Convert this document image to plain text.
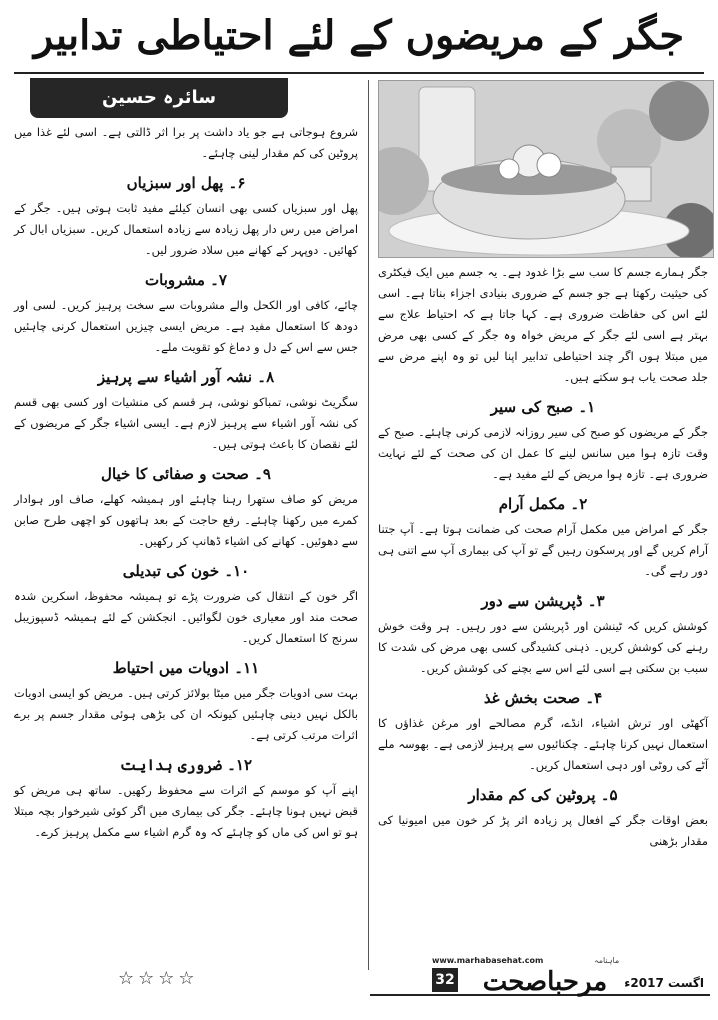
جگر کے مریضوں کے لئے احتیاطی تدابیر
سائرہ حسین

شروع ہوجاتی ہے جو یاد داشت پر برا اثر ڈالتی ہے۔ اسی لئے غذا میں پروٹین کی کم مقدار لینی چاہئے۔

۶۔ پھل اور سبزیاں

پھل اور سبزیاں کسی بھی انسان کیلئے مفید ثابت ہوتی ہیں۔ جگر کے امراض میں رس دار پھل زیادہ سے زیادہ استعمال کریں۔ سبزیاں ابال کر کھائیں۔ دوپہر کے کھانے میں سلاد ضرور لیں۔

۷۔ مشروبات

چائے، کافی اور الکحل والے مشروبات سے سخت پرہیز کریں۔ لسی اور دودھ کا استعمال مفید ہے۔ مریض ایسی چیزیں استعمال کرنی چاہئیں جس سے اس کے دل و دماغ کو تقویت ملے۔

۸۔ نشہ آور اشیاء سے پرہیز

سگریٹ نوشی، تمباکو نوشی، ہر قسم کی منشیات اور کسی بھی قسم کی نشہ آور اشیاء سے پرہیز لازم ہے۔ ایسی اشیاء جگر کے مریضوں کے لئے نقصان کا باعث ہوتی ہیں۔

۹۔ صحت و صفائی کا خیال

مریض کو صاف ستھرا رہنا چاہئے اور ہمیشہ کھلے، صاف اور ہوادار کمرے میں رکھنا چاہئے۔ رفع حاجت کے بعد ہاتھوں کو اچھی طرح صابن سے دھوئیں۔ کھانے کی اشیاء ڈھانپ کر رکھیں۔

۱۰۔ خون کی تبدیلی

اگر خون کے انتقال کی ضرورت پڑے تو ہمیشہ محفوظ، اسکرین شدہ صحت مند اور معیاری خون لگوائیں۔ انجکشن کے لئے ہمیشہ ڈسپوزیبل سرنج کا استعمال کریں۔

۱۱۔ ادویات میں احتیاط

بہت سی ادویات جگر میں میٹا بولائز کرتی ہیں۔ مریض کو ایسی ادویات بالکل نہیں دینی چاہئیں کیونکہ ان کی بڑھی ہوئی مقدار جسم پر برے اثرات مرتب کرتی ہے۔

۱۲۔ ضروری ہدایت

اپنے آپ کو موسم کے اثرات سے محفوظ رکھیں۔ ساتھ ہی مریض کو قبض نہیں ہونا چاہئے۔ جگر کی بیماری میں اگر کوئی شیرخوار بچہ مبتلا ہو تو اس کی ماں کو چاہئے کہ وہ گرم اشیاء سے مکمل پرہیز کرے۔

☆☆☆☆

جگر ہمارے جسم کا سب سے بڑا غدود ہے۔ یہ جسم میں ایک فیکٹری کی حیثیت رکھتا ہے جو جسم کے ضروری بنیادی اجزاء بناتا ہے۔ اسی لئے اس کی حفاظت ضروری ہے۔ کہا جاتا ہے کہ احتیاط علاج سے بہتر ہے اسی لئے جگر کے مریض خواہ وہ جگر کے کسی بھی مرض میں مبتلا ہوں اگر چند احتیاطی تدابیر اپنا لیں تو وہ اپنے مرض سے جلد صحت یاب ہو سکتے ہیں۔

۱۔ صبح کی سیر

جگر کے مریضوں کو صبح کی سیر روزانہ لازمی کرنی چاہئے۔ صبح کے وقت تازہ ہوا میں سانس لینے کا عمل ان کی صحت کے لئے نہایت ضروری ہے۔ تازہ ہوا مریض کے لئے مفید ہے۔

۲۔ مکمل آرام

جگر کے امراض میں مکمل آرام صحت کی ضمانت ہوتا ہے۔ آپ جتنا آرام کریں گے اور پرسکون رہیں گے تو آپ کی بیماری آپ سے اتنی ہی دور رہے گی۔

۳۔ ڈپریشن سے دور

کوشش کریں کہ ٹینشن اور ڈپریشن سے دور رہیں۔ ہر وقت خوش رہنے کی کوشش کریں۔ ذہنی کشیدگی کسی بھی مرض کی شدت کا سبب بن سکتی ہے اسی لئے اس سے بچنے کی کوشش کریں۔

۴۔ صحت بخش غذ

آکھٹی اور ترش اشیاء، انڈے، گرم مصالحے اور مرغن غذاؤں کا استعمال نہیں کرنا چاہئے۔ چکنائیوں سے پرہیز لازمی ہے۔ بھوسہ ملے آٹے کی روٹی اور دہی استعمال کریں۔

۵۔ پروٹین کی کم مقدار

بعض اوقات جگر کے افعال پر زیادہ اثر پڑ کر خون میں امیونیا کی مقدار بڑھنی

www.marhabasehat.com	ماہنامہ
32	مرحباصحت	اگست 2017ء
